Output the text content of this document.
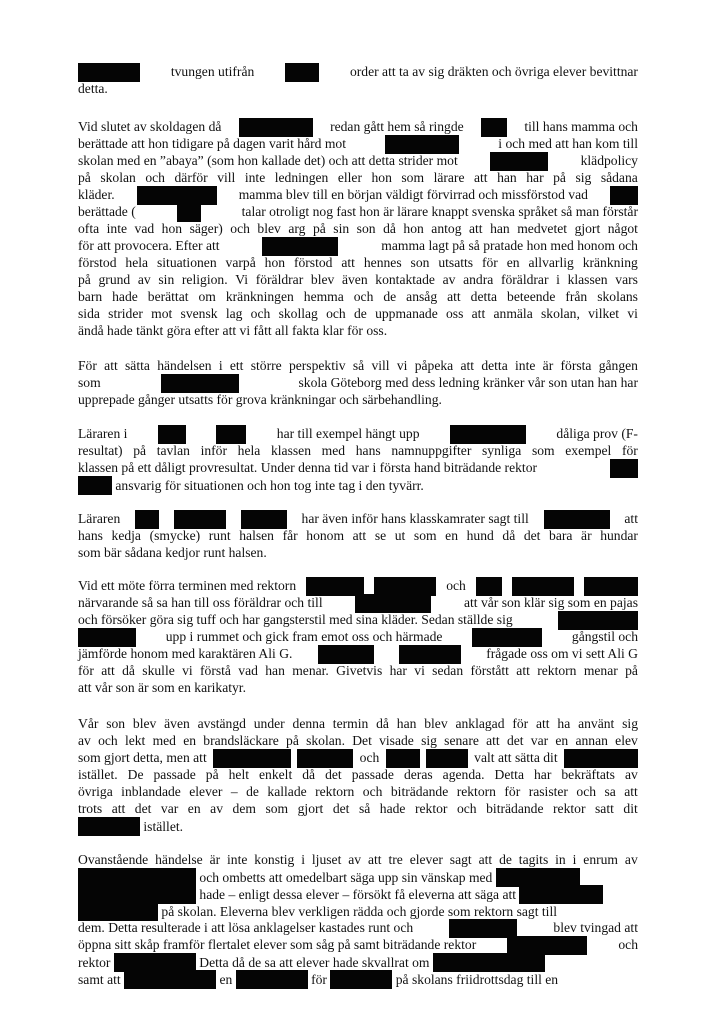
tvungen utifrån	order att ta av sig dräkten och övriga elever bevittnar
detta.
Vid slutet av skoldagen då	redan gått hem så ringde	till hans mamma och
berättade att hon tidigare på dagen varit hård mot	i och med att han kom till
skolan med en ”abaya” (som hon kallade det) och att detta strider mot	klädpolicy
på skolan och därför vill inte ledningen eller hon som lärare att han har på sig sådana
kläder.	mamma blev till en början väldigt förvirrad och missförstod vad
berättade (	talar otroligt nog fast hon är lärare knappt svenska språket så man förstår
ofta inte vad hon säger) och blev arg på sin son då hon antog att han medvetet gjort något
för att provocera. Efter att	mamma lagt på så pratade hon med honom och
förstod hela situationen varpå hon förstod att hennes son utsatts för en allvarlig kränkning
på grund av sin religion. Vi föräldrar blev även kontaktade av andra föräldrar i klassen vars
barn hade berättat om kränkningen hemma och de ansåg att detta beteende från skolans
sida strider mot svensk lag och skollag och de uppmanade oss att anmäla skolan, vilket vi
ändå hade tänkt göra efter att vi fått all fakta klar för oss.
För att sätta händelsen i ett större perspektiv så vill vi påpeka att detta inte är första gången
som	skola Göteborg med dess ledning kränker vår son utan han har
upprepade gånger utsatts för grova kränkningar och särbehandling.
Läraren i	har till exempel hängt upp	dåliga prov (F-
resultat) på tavlan inför hela klassen med hans namnuppgifter synliga som exempel för
klassen på ett dåligt provresultat. Under denna tid var i första hand biträdande rektor
ansvarig för situationen och hon tog inte tag i den tyvärr.
Läraren	har även inför hans klasskamrater sagt till	att
hans kedja (smycke) runt halsen får honom att se ut som en hund då det bara är hundar
som bär sådana kedjor runt halsen.
Vid ett möte förra terminen med rektorn	och
närvarande så sa han till oss föräldrar och till	att vår son klär sig som en pajas
och försöker göra sig tuff och har gangsterstil med sina kläder. Sedan ställde sig
upp i rummet och gick fram emot oss och härmade	gångstil och
jämförde honom med karaktären Ali G.	frågade oss om vi sett Ali G
för att då skulle vi förstå vad han menar. Givetvis har vi sedan förstått att rektorn menar på
att vår son är som en karikatyr.
Vår son blev även avstängd under denna termin då han blev anklagad för att ha använt sig
av och lekt med en brandsläckare på skolan. Det visade sig senare att det var en annan elev
som gjort detta, men att	och	valt att sätta dit
istället. De passade på helt enkelt då det passade deras agenda. Detta har bekräftats av
övriga inblandade elever – de kallade rektorn och biträdande rektorn för rasister och sa att
trots att det var en av dem som gjort det så hade rektor och biträdande rektor satt dit
istället.
Ovanstående händelse är inte konstig i ljuset av att tre elever sagt att de tagits in i enrum av
och ombetts att omedelbart säga upp sin vänskap med
hade – enligt dessa elever – försökt få eleverna att säga att
på skolan. Eleverna blev verkligen rädda och gjorde som rektorn sagt till
dem. Detta resulterade i att lösa anklagelser kastades runt och	blev tvingad att
öppna sitt skåp framför flertalet elever som såg på samt biträdande rektor	och
rektor	Detta då de sa att elever hade skvallrat om
samt att	en	för	på skolans friidrottsdag till en
